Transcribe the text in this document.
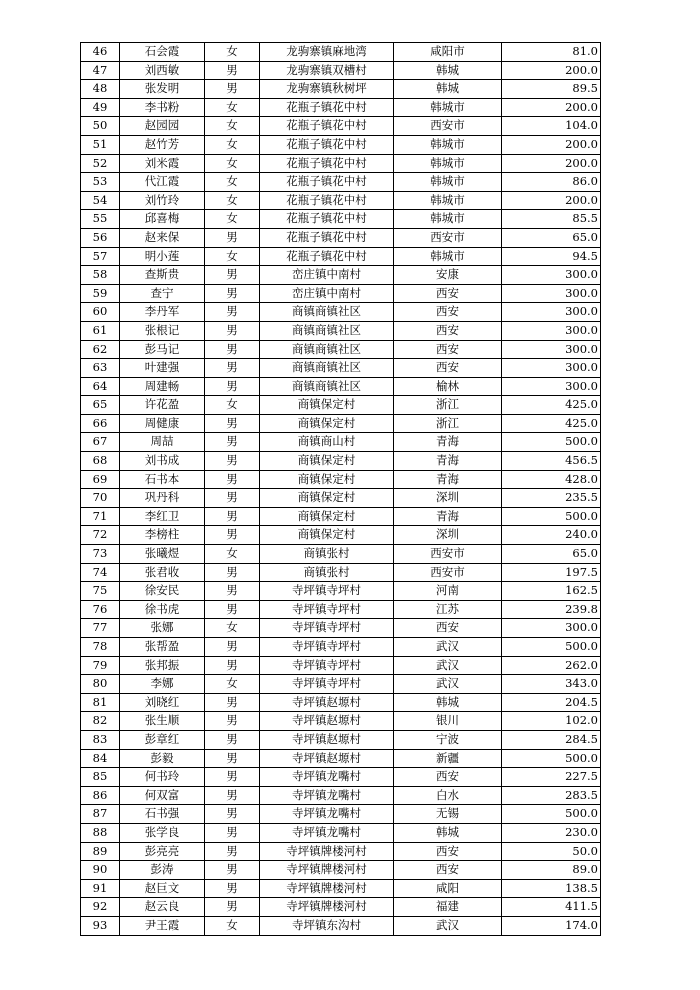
46	石会霞	女	龙驹寨镇麻地湾	咸阳市	81.0
47	刘西敏	男	龙驹寨镇双槽村	韩城	200.0
48	张发明	男	龙驹寨镇秋树坪	韩城	89.5
49	李书粉	女	花瓶子镇花中村	韩城市	200.0
50	赵园园	女	花瓶子镇花中村	西安市	104.0
51	赵竹芳	女	花瓶子镇花中村	韩城市	200.0
52	刘米霞	女	花瓶子镇花中村	韩城市	200.0
53	代江霞	女	花瓶子镇花中村	韩城市	86.0
54	刘竹玲	女	花瓶子镇花中村	韩城市	200.0
55	邱喜梅	女	花瓶子镇花中村	韩城市	85.5
56	赵来保	男	花瓶子镇花中村	西安市	65.0
57	明小莲	女	花瓶子镇花中村	韩城市	94.5
58	查斯贵	男	峦庄镇中南村	安康	300.0
59	查宁	男	峦庄镇中南村	西安	300.0
60	李丹军	男	商镇商镇社区	西安	300.0
61	张根记	男	商镇商镇社区	西安	300.0
62	彭马记	男	商镇商镇社区	西安	300.0
63	叶建强	男	商镇商镇社区	西安	300.0
64	周建畅	男	商镇商镇社区	榆林	300.0
65	许花盈	女	商镇保定村	浙江	425.0
66	周健康	男	商镇保定村	浙江	425.0
67	周喆	男	商镇商山村	青海	500.0
68	刘书成	男	商镇保定村	青海	456.5
69	石书本	男	商镇保定村	青海	428.0
70	巩丹科	男	商镇保定村	深圳	235.5
71	李红卫	男	商镇保定村	青海	500.0
72	李榜柱	男	商镇保定村	深圳	240.0
73	张曦煜	女	商镇张村	西安市	65.0
74	张君收	男	商镇张村	西安市	197.5
75	徐安民	男	寺坪镇寺坪村	河南	162.5
76	徐书虎	男	寺坪镇寺坪村	江苏	239.8
77	张娜	女	寺坪镇寺坪村	西安	300.0
78	张帮盈	男	寺坪镇寺坪村	武汉	500.0
79	张邦振	男	寺坪镇寺坪村	武汉	262.0
80	李娜	女	寺坪镇寺坪村	武汉	343.0
81	刘晓红	男	寺坪镇赵塬村	韩城	204.5
82	张生顺	男	寺坪镇赵塬村	银川	102.0
83	彭章红	男	寺坪镇赵塬村	宁波	284.5
84	彭毅	男	寺坪镇赵塬村	新疆	500.0
85	何书玲	男	寺坪镇龙嘴村	西安	227.5
86	何双富	男	寺坪镇龙嘴村	白水	283.5
87	石书强	男	寺坪镇龙嘴村	无锡	500.0
88	张学良	男	寺坪镇龙嘴村	韩城	230.0
89	彭亮亮	男	寺坪镇牌楼河村	西安	50.0
90	彭涛	男	寺坪镇牌楼河村	西安	89.0
91	赵巨文	男	寺坪镇牌楼河村	咸阳	138.5
92	赵云良	男	寺坪镇牌楼河村	福建	411.5
93	尹王霞	女	寺坪镇东沟村	武汉	174.0
